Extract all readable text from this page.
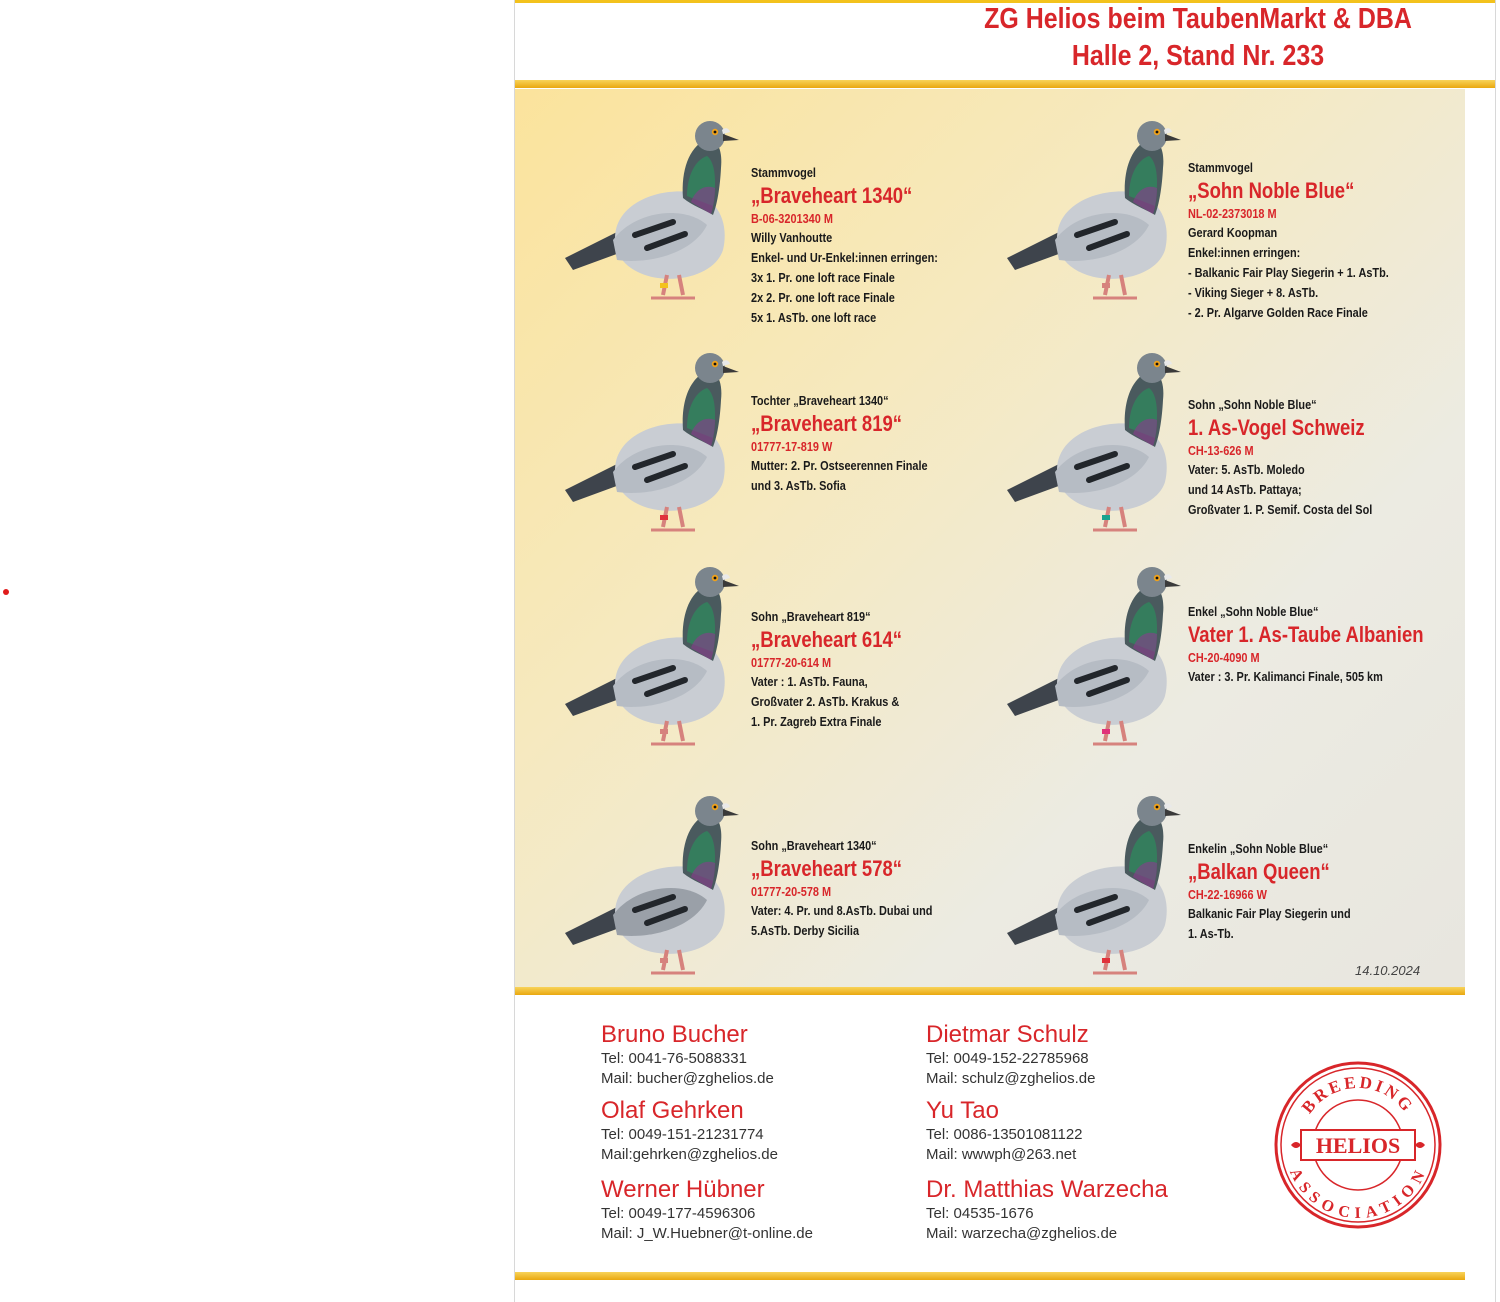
ZG Helios beim TaubenMarkt & DBA
Halle 2, Stand Nr. 233
Stammvogel
„Braveheart 1340“
B-06-3201340 M
Willy Vanhoutte
Enkel- und Ur-Enkel:innen erringen:
3x 1. Pr. one loft race Finale
2x 2. Pr. one loft race Finale
5x 1. AsTb. one loft race
Stammvogel
„Sohn Noble Blue“
NL-02-2373018 M
Gerard Koopman
Enkel:innen erringen:
- Balkanic Fair Play Siegerin + 1. AsTb.
- Viking Sieger + 8. AsTb.
- 2. Pr. Algarve Golden Race Finale
Tochter „Braveheart 1340“
„Braveheart 819“
01777-17-819 W
Mutter: 2. Pr. Ostseerennen Finale
und 3. AsTb. Sofia
Sohn „Sohn Noble Blue“
1. As-Vogel Schweiz
CH-13-626 M
Vater: 5. AsTb. Moledo
und 14 AsTb. Pattaya;
Großvater 1. P. Semif. Costa del Sol
Sohn „Braveheart 819“
„Braveheart 614“
01777-20-614 M
Vater : 1. AsTb. Fauna,
Großvater 2. AsTb. Krakus &
1. Pr. Zagreb Extra Finale
Enkel „Sohn Noble Blue“
Vater 1. As-Taube Albanien
CH-20-4090 M
Vater : 3. Pr. Kalimanci Finale, 505 km
Sohn „Braveheart 1340“
„Braveheart 578“
01777-20-578 M
Vater: 4. Pr. und 8.AsTb. Dubai und
5.AsTb. Derby Sicilia
Enkelin „Sohn Noble Blue“
„Balkan Queen“
CH-22-16966 W
Balkanic Fair Play Siegerin und
1. As-Tb.
14.10.2024
Bruno Bucher
Tel: 0041-76-5088331
Mail: bucher@zghelios.de
Dietmar Schulz
Tel: 0049-152-22785968
Mail: schulz@zghelios.de
Olaf Gehrken
Tel: 0049-151-21231774
Mail:gehrken@zghelios.de
Yu Tao
Tel: 0086-13501081122
Mail: wwwph@263.net
Werner Hübner
Tel: 0049-177-4596306
Mail: J_W.Huebner@t-online.de
Dr. Matthias Warzecha
Tel: 04535-1676
Mail: warzecha@zghelios.de
BREEDING
ASSOCIATION
HELIOS
